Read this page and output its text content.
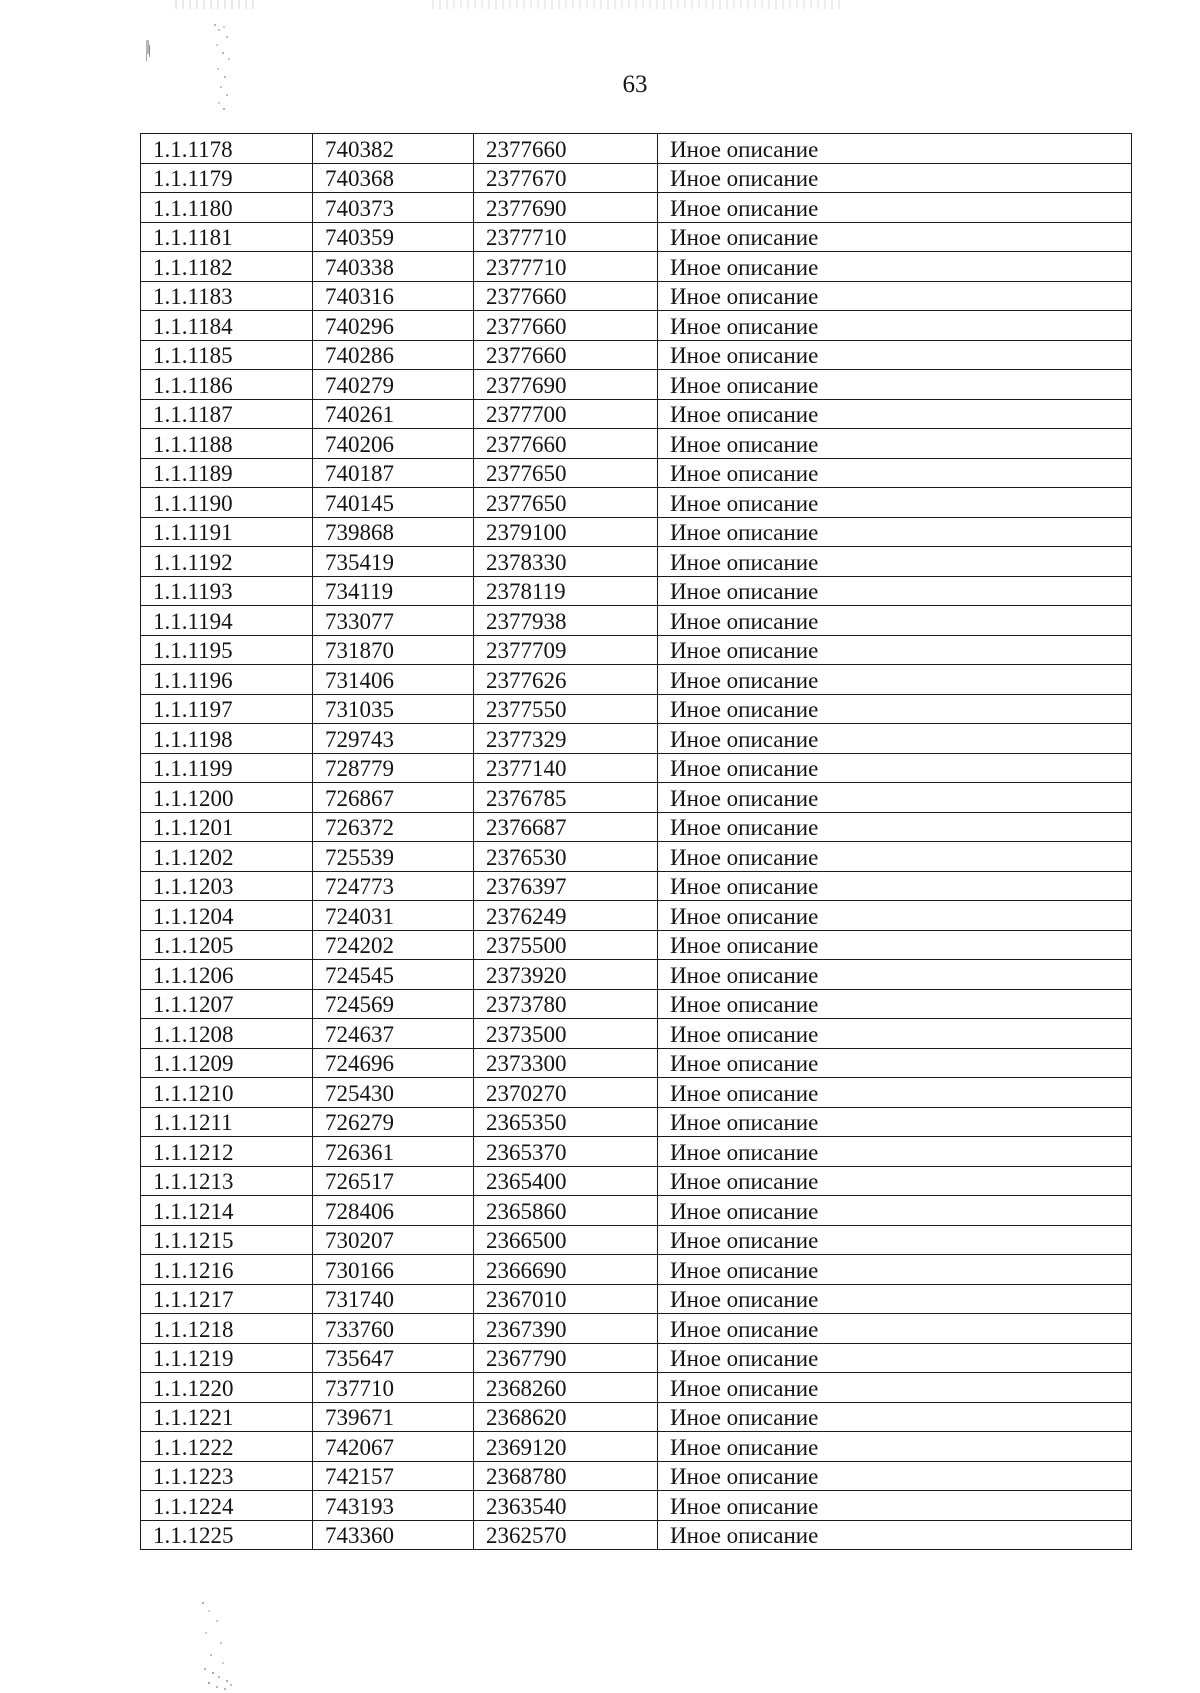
63
1.1.1178	740382	2377660	Иное описание
1.1.1179	740368	2377670	Иное описание
1.1.1180	740373	2377690	Иное описание
1.1.1181	740359	2377710	Иное описание
1.1.1182	740338	2377710	Иное описание
1.1.1183	740316	2377660	Иное описание
1.1.1184	740296	2377660	Иное описание
1.1.1185	740286	2377660	Иное описание
1.1.1186	740279	2377690	Иное описание
1.1.1187	740261	2377700	Иное описание
1.1.1188	740206	2377660	Иное описание
1.1.1189	740187	2377650	Иное описание
1.1.1190	740145	2377650	Иное описание
1.1.1191	739868	2379100	Иное описание
1.1.1192	735419	2378330	Иное описание
1.1.1193	734119	2378119	Иное описание
1.1.1194	733077	2377938	Иное описание
1.1.1195	731870	2377709	Иное описание
1.1.1196	731406	2377626	Иное описание
1.1.1197	731035	2377550	Иное описание
1.1.1198	729743	2377329	Иное описание
1.1.1199	728779	2377140	Иное описание
1.1.1200	726867	2376785	Иное описание
1.1.1201	726372	2376687	Иное описание
1.1.1202	725539	2376530	Иное описание
1.1.1203	724773	2376397	Иное описание
1.1.1204	724031	2376249	Иное описание
1.1.1205	724202	2375500	Иное описание
1.1.1206	724545	2373920	Иное описание
1.1.1207	724569	2373780	Иное описание
1.1.1208	724637	2373500	Иное описание
1.1.1209	724696	2373300	Иное описание
1.1.1210	725430	2370270	Иное описание
1.1.1211	726279	2365350	Иное описание
1.1.1212	726361	2365370	Иное описание
1.1.1213	726517	2365400	Иное описание
1.1.1214	728406	2365860	Иное описание
1.1.1215	730207	2366500	Иное описание
1.1.1216	730166	2366690	Иное описание
1.1.1217	731740	2367010	Иное описание
1.1.1218	733760	2367390	Иное описание
1.1.1219	735647	2367790	Иное описание
1.1.1220	737710	2368260	Иное описание
1.1.1221	739671	2368620	Иное описание
1.1.1222	742067	2369120	Иное описание
1.1.1223	742157	2368780	Иное описание
1.1.1224	743193	2363540	Иное описание
1.1.1225	743360	2362570	Иное описание
